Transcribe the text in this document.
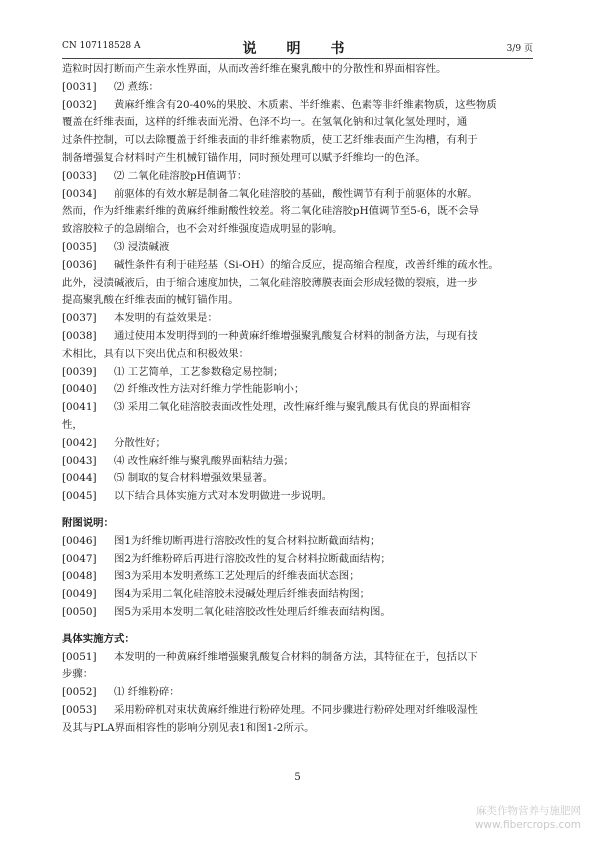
CN 107118528 A	说　明　书	3/9 页
造粒时因打断而产生亲水性界面，从而改善纤维在聚乳酸中的分散性和界面相容性。
[0031]	⑵ 煮练：
[0032]	黄麻纤维含有20-40%的果胶、木质素、半纤维素、色素等非纤维素物质，这些物质
覆盖在纤维表面，这样的纤维表面光滑、色泽不均一。在氢氧化钠和过氧化氢处理时，通
过条件控制，可以去除覆盖于纤维表面的非纤维素物质，使工艺纤维表面产生沟槽，有利于
制备增强复合材料时产生机械钉锚作用，同时预处理可以赋予纤维均一的色泽。
[0033]	⑵ 二氧化硅溶胶pH值调节：
[0034]	前驱体的有效水解是制备二氧化硅溶胶的基础，酸性调节有利于前驱体的水解。
然而，作为纤维素纤维的黄麻纤维耐酸性较差。将二氧化硅溶胶pH值调节至5-6，既不会导
致溶胶粒子的急剧缩合，也不会对纤维强度造成明显的影响。
[0035]	⑶ 浸渍碱液
[0036]	碱性条件有利于硅羟基（Si-OH）的缩合反应，提高缩合程度，改善纤维的疏水性。
此外，浸渍碱液后，由于缩合速度加快，二氧化硅溶胶薄膜表面会形成轻微的裂痕，进一步
提高聚乳酸在纤维表面的械钉锚作用。
[0037]	本发明的有益效果是：
[0038]	通过使用本发明得到的一种黄麻纤维增强聚乳酸复合材料的制备方法，与现有技
术相比，具有以下突出优点和积极效果：
[0039]	⑴ 工艺简单，工艺参数稳定易控制；
[0040]	⑵ 纤维改性方法对纤维力学性能影响小；
[0041]	⑶ 采用二氧化硅溶胶表面改性处理，改性麻纤维与聚乳酸具有优良的界面相容
性，
[0042]	分散性好；
[0043]	⑷ 改性麻纤维与聚乳酸界面粘结力强；
[0044]	⑸ 制取的复合材料增强效果显著。
[0045]	以下结合具体实施方式对本发明做进一步说明。
附图说明：
[0046]	图1为纤维切断再进行溶胶改性的复合材料拉断截面结构；
[0047]	图2为纤维粉碎后再进行溶胶改性的复合材料拉断截面结构；
[0048]	图3为采用本发明煮练工艺处理后的纤维表面状态图；
[0049]	图4为采用二氧化硅溶胶未浸碱处理后纤维表面结构图；
[0050]	图5为采用本发明二氧化硅溶胶改性处理后纤维表面结构图。
具体实施方式：
[0051]	本发明的一种黄麻纤维增强聚乳酸复合材料的制备方法，其特征在于，包括以下
步骤：
[0052]	⑴ 纤维粉碎：
[0053]	采用粉碎机对束状黄麻纤维进行粉碎处理。不同步骤进行粉碎处理对纤维吸湿性
及其与PLA界面相容性的影响分别见表1和图1-2所示。
5
麻类作物营养与施肥网
www.fibercrops.com
